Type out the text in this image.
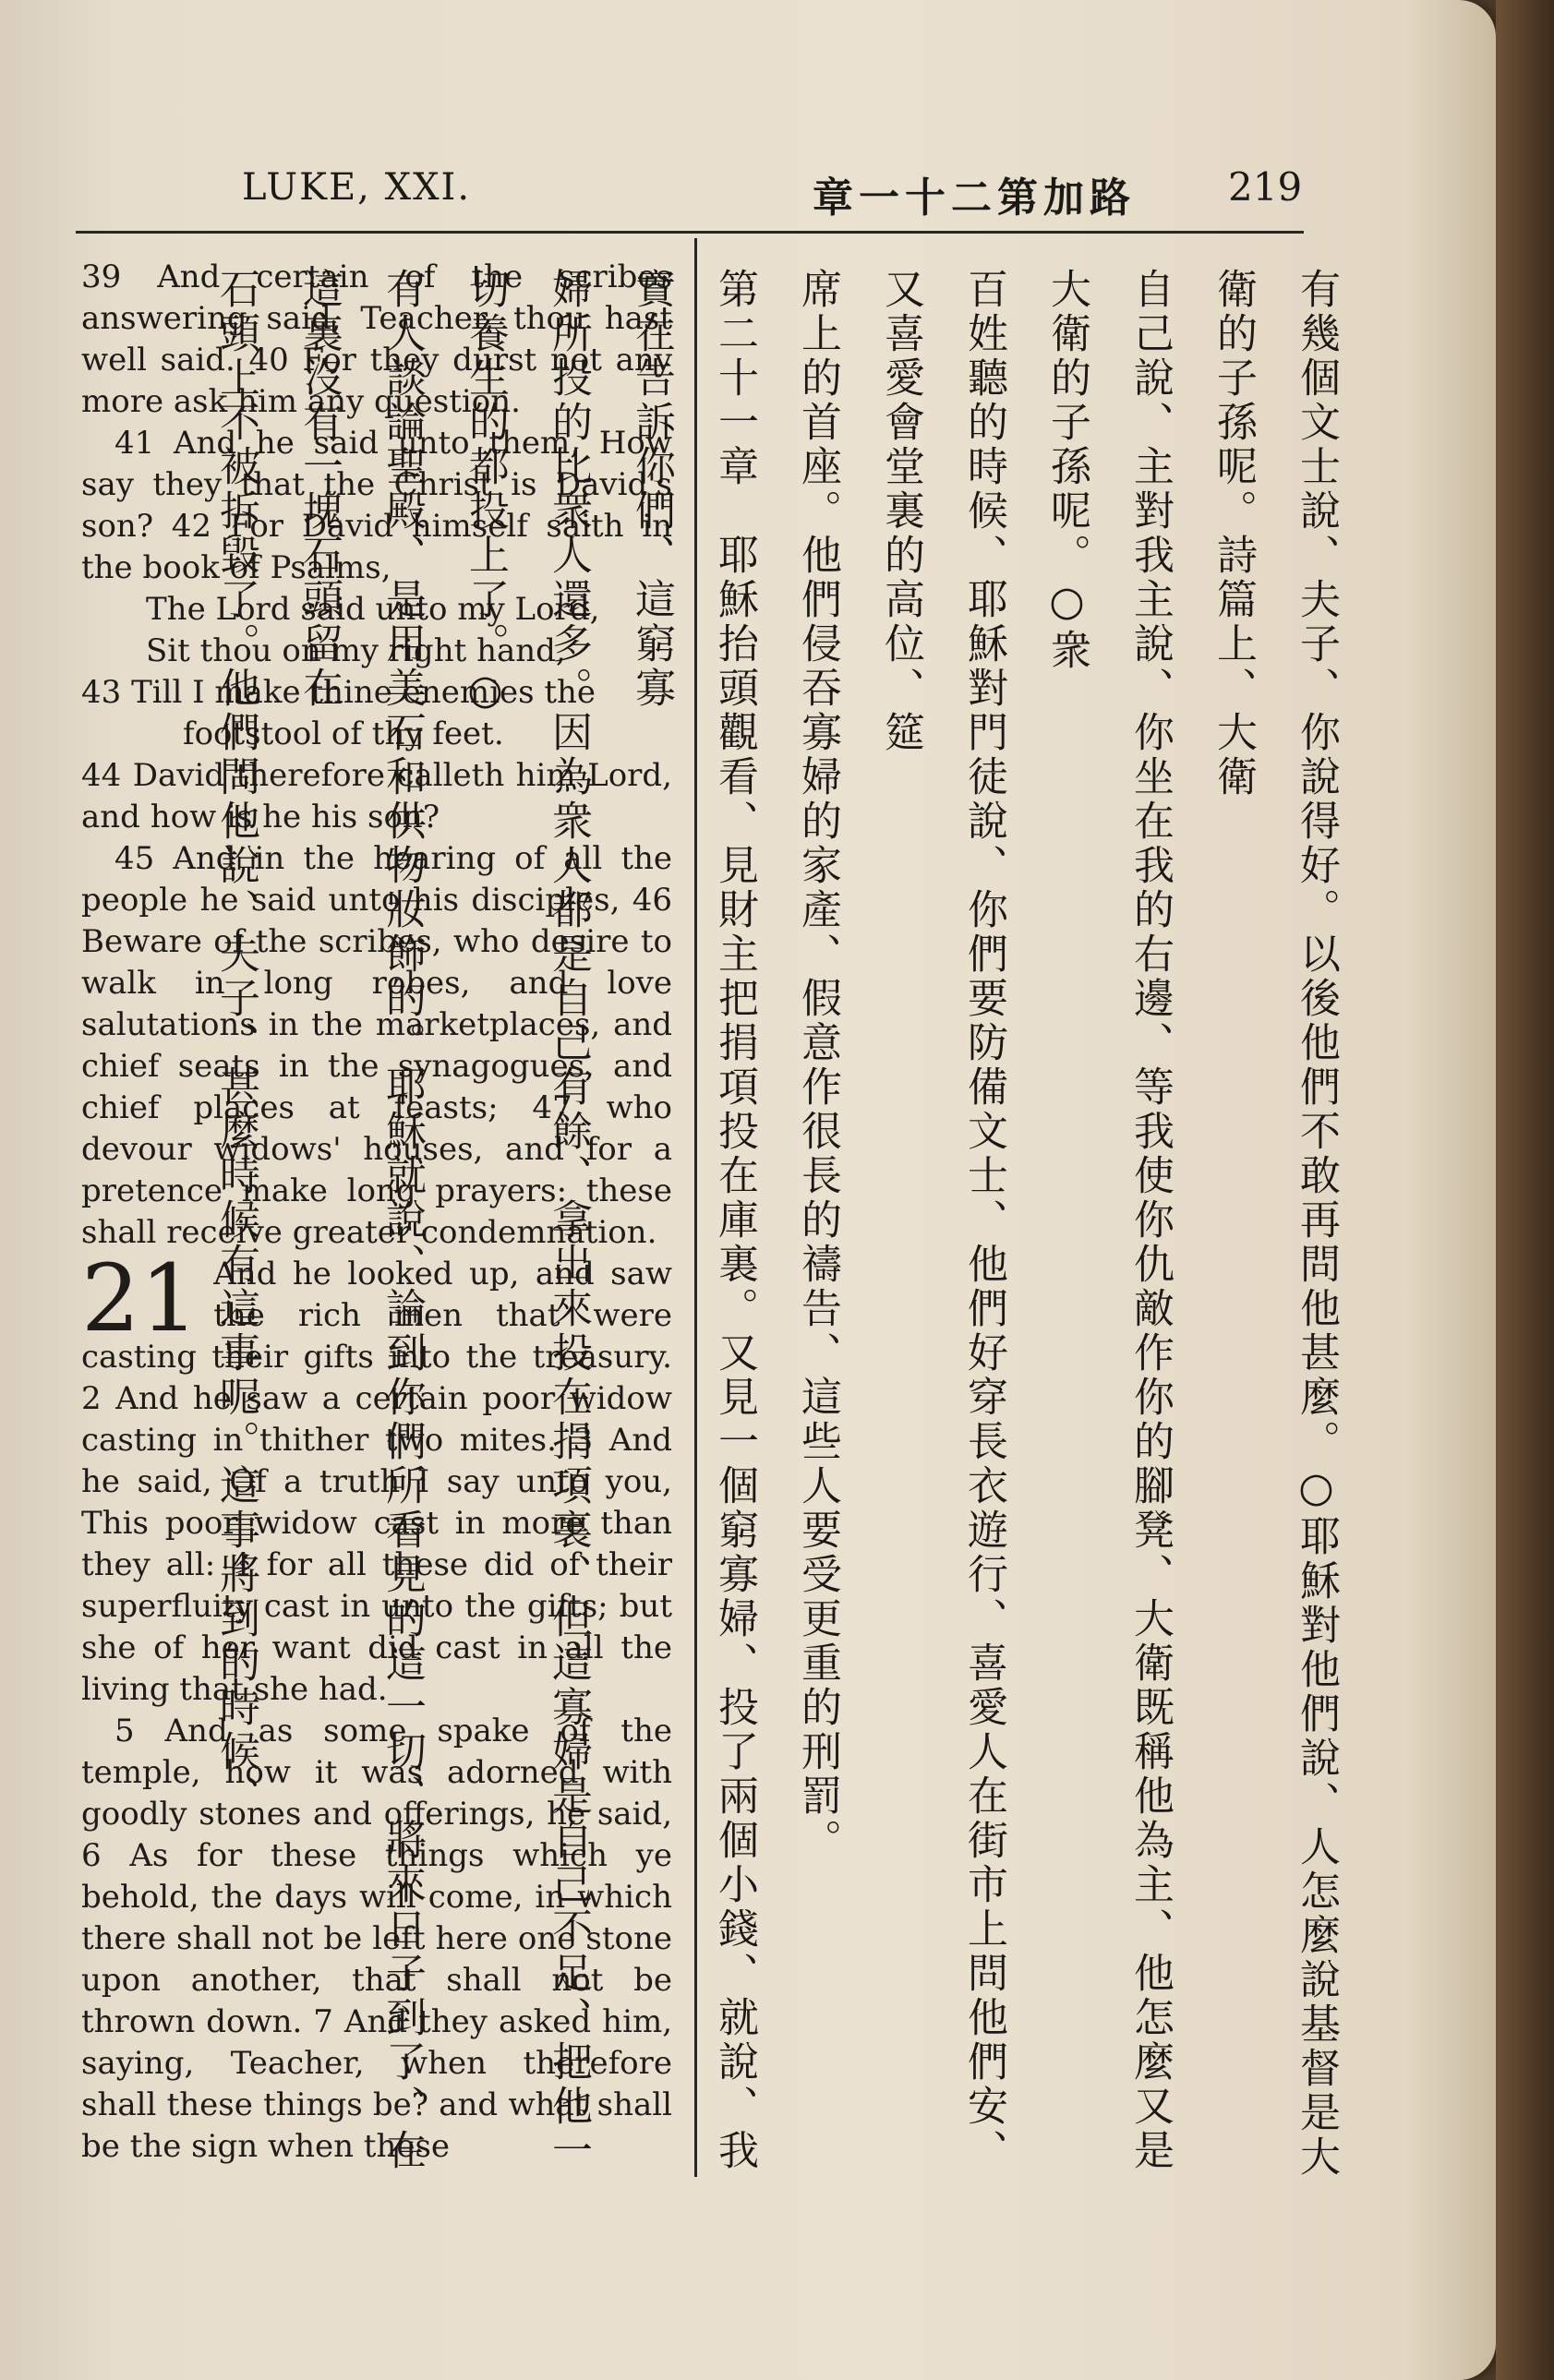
LUKE, XXI.	章一十二第加路 219

39 And certain of the scribes answering said, Teacher, thou hast well said. 40 For they durst not any more ask him any question.

41 And he said unto them, How say they that the Christ is David's son? 42 For David himself saith in the book of Psalms,

The Lord said unto my Lord,

Sit thou on my right hand,

43 Till I make thine enemies the

footstool of thy feet.

44 David therefore calleth him Lord, and how is he his son?

45 And in the hearing of all the people he said unto his disciples, 46 Beware of the scribes, who desire to walk in long robes, and love salutations in the marketplaces, and chief seats in the synagogues, and chief places at feasts; 47 who devour widows' houses, and for a pretence make long prayers: these shall receive greater condemnation.

21 And he looked up, and saw the rich men that were casting their gifts into the treasury. 2 And he saw a certain poor widow casting in thither two mites. 3 And he said, Of a truth I say unto you, This poor widow cast in more than they all: 4 for all these did of their superfluity cast in unto the gifts; but she of her want did cast in all the living that she had.

5 And as some spake of the temple, how it was adorned with goodly stones and offerings, he said, 6 As for these things which ye behold, the days will come, in which there shall not be left here one stone upon another, that shall not be thrown down. 7 And they asked him, saying, Teacher, when therefore shall these things be? and what shall be the sign when these	有幾個文士說、夫子、你說得好。以後他們不敢再問他甚麼。○耶穌對他們說、人怎麼說基督是大衛的子孫呢。詩篇上、大衛

自己說、主對我主說、你坐在我的右邊、等我使你仇敵作你的腳凳、大衛既稱他為主、他怎麼又是大衛的子孫呢。○衆

百姓聽的時候、耶穌對門徒說、你們要防備文士、他們好穿長衣遊行、喜愛人在街市上問他們安、又喜愛會堂裏的高位、筵

席上的首座。他們侵吞寡婦的家產、假意作很長的禱告、這些人要受更重的刑罰。

第二十一章　耶穌抬頭觀看、見財主把捐項投在庫裏。又見一個窮寡婦、投了兩個小錢、就說、我實在告訴你們、這窮寡

婦所投的比衆人還多。因為衆人都是自己有餘、拿出來投在捐項裏、但這寡婦是自己不足、把他一切養生的都投上了。○

有人談論聖殿、是用美石和供物妝飾的。耶穌就說、論到你們所看見的這一切、將來日子到了、在這裏沒有一塊石頭留在

石頭上不被拆毀了。他們問他說、夫子、甚麼時候有這事呢。這事將到的時候、
